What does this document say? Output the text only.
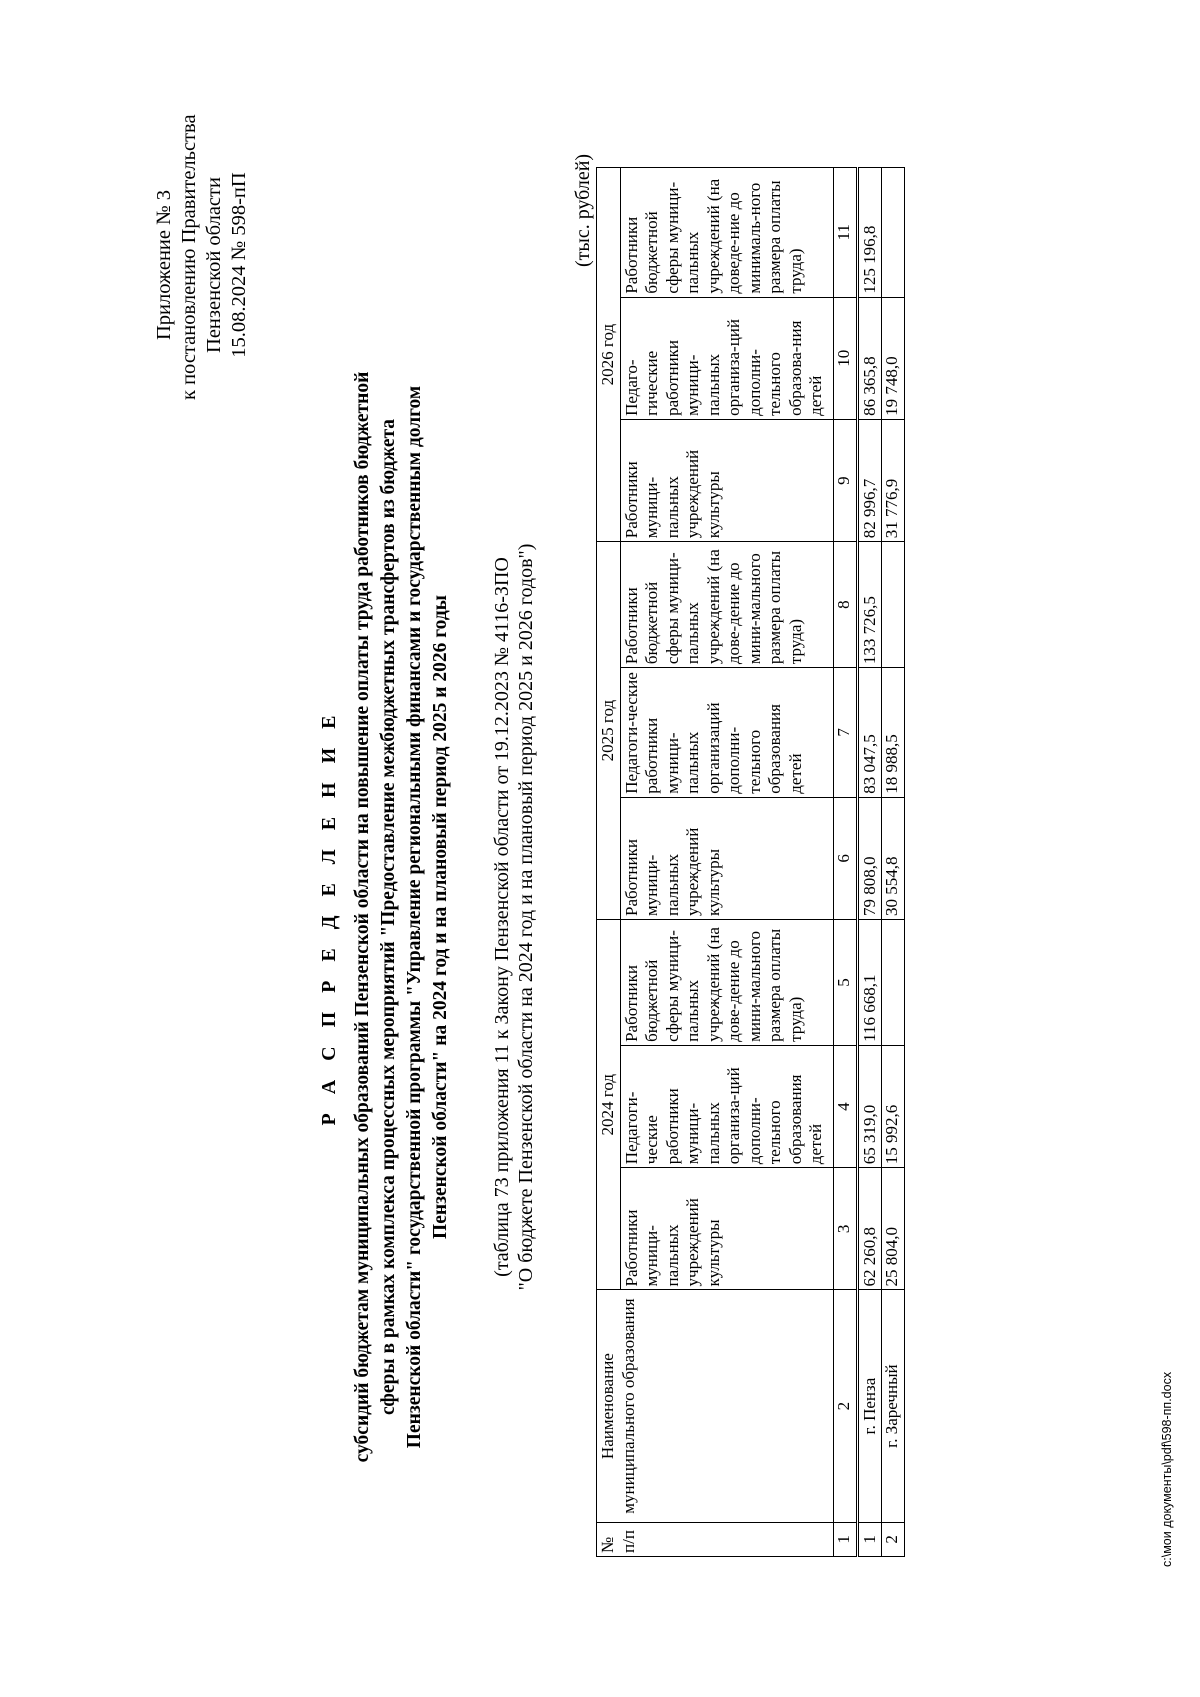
Приложение № 3 к постановлению Правительства Пензенской области 15.08.2024 № 598-пП
Р А С П Р Е Д Е Л Е Н И Е субсидий бюджетам муниципальных образований Пензенской области на повышение оплаты труда работников бюджетной сферы в рамках комплекса процессных мероприятий "Предоставление межбюджетных трансфертов из бюджета Пензенской области" государственной программы "Управление региональными финансами и государственным долгом Пензенской области" на 2024 год и на плановый период 2025 и 2026 годы (таблица 73 приложения 11 к Закону Пензенской области от 19.12.2023 № 4116-ЗПО "О бюджете Пензенской области на 2024 год и на плановый период 2025 и 2026 годов")
(тыс. рублей)
№ п/п	Наименование муниципального образования	2024 год			2025 год			2026 год		
		Работники муници-пальных учреждений культуры	Педагоги-ческие работники муници-пальных организа-ций дополни-тельного образования детей	Работники бюджетной сферы муници-пальных учреждений (на дове-дение до мини-мального размера оплаты труда)	Работники муници-пальных учреждений культуры	Педагоги-ческие работники муници-пальных организаций дополни-тельного образования детей	Работники бюджетной сферы муници-пальных учреждений (на дове-дение до мини-мального размера оплаты труда)	Работники муници-пальных учреждений культуры	Педаго-гические работники муници-пальных организа-ций дополни-тельного образова-ния детей	Работники бюджетной сферы муници-пальных учреждений (на доведе-ние до минималь-ного размера оплаты труда)
1	2	3	4	5	6	7	8	9	10	11
1	г. Пенза	62 260,8	65 319,0	116 668,1	79 808,0	83 047,5	133 726,5	82 996,7	86 365,8	125 196,8
2	г. Заречный	25 804,0	15 992,6		30 554,8	18 988,5		31 776,9	19 748,0	
c:\мои документы\pdf\598-пп.docx
